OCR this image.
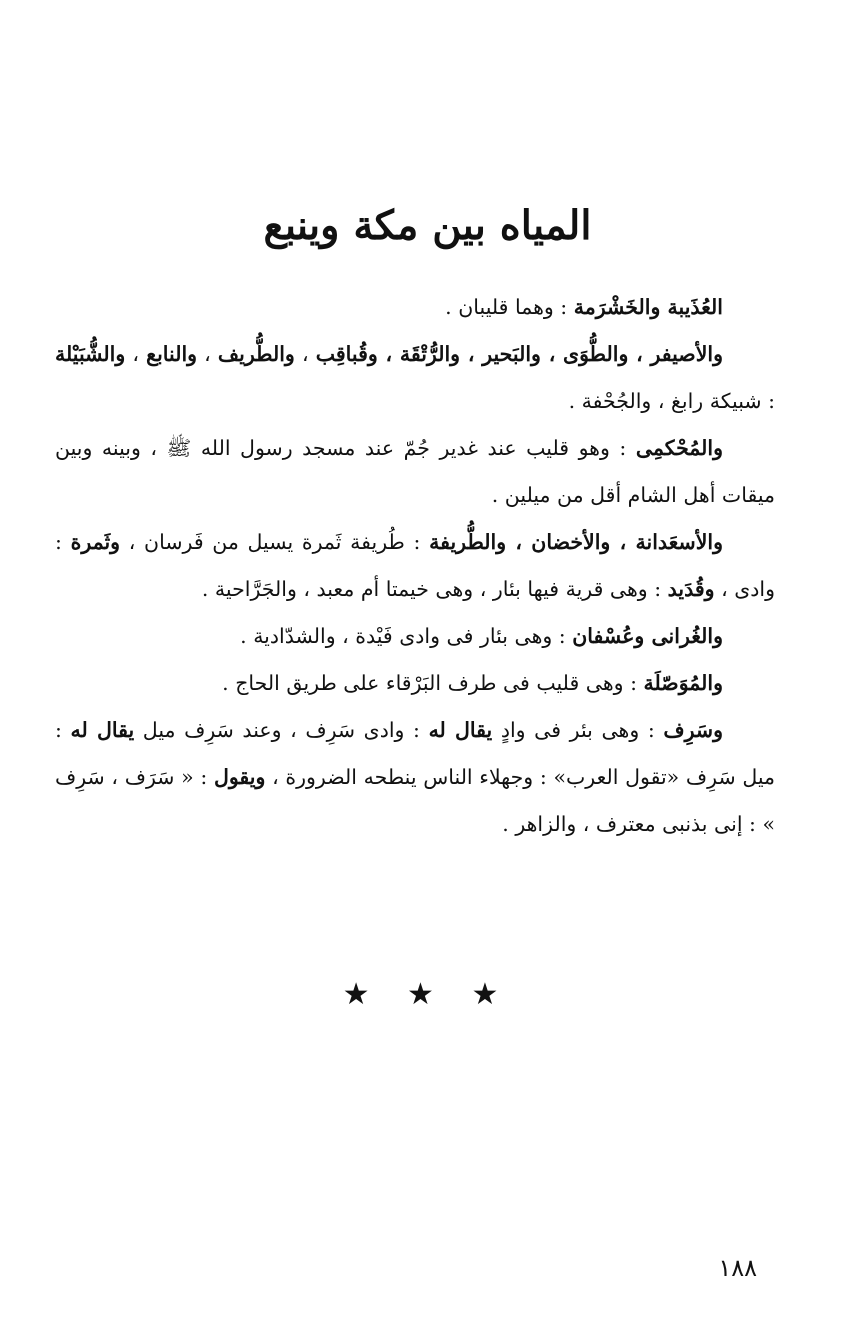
المياه بين مكة وينبع

العُذَيبة والخَشْرَمة : وهما قليبان .

والأصيفر ، والطُّوَى ، والبَحير ، والرُّتْقَة ، وقُباقِب ، والطُّريف ، والنابع ، والشُّبَيْلة : شبيكة رابغ ، والجُحْفة .

والمُحْكمِى : وهو قليب عند غدير جُمّ عند مسجد رسول الله ﷺ ، وبينه وبين ميقات أهل الشام أقل من ميلين .

والأسعَدانة ، والأخضان ، والطُّريفة : طُريفة ثَمرة يسيل من فَرسان ، وثَمرة : وادى ، وقُدَيد : وهى قرية فيها بئار ، وهى خيمتا أم معبد ، والجَرَّاحية .

والغُرانى وعُسْفان : وهى بئار فى وادى فَيْدة ، والشدّادية .

والمُوَصّلَة : وهى قليب فى طرف البَرْقاء على طريق الحاج .

وسَرِف : وهى بئر فى وادٍ يقال له : وادى سَرِف ، وعند سَرِف ميل يقال له : ميل سَرِف «تقول العرب» : وجهلاء الناس ينطحه الضرورة ، ويقول : « سَرَف ، سَرِف » : إنى بذنبى معترف ، والزاهر .

★ ★ ★
١٨٨
